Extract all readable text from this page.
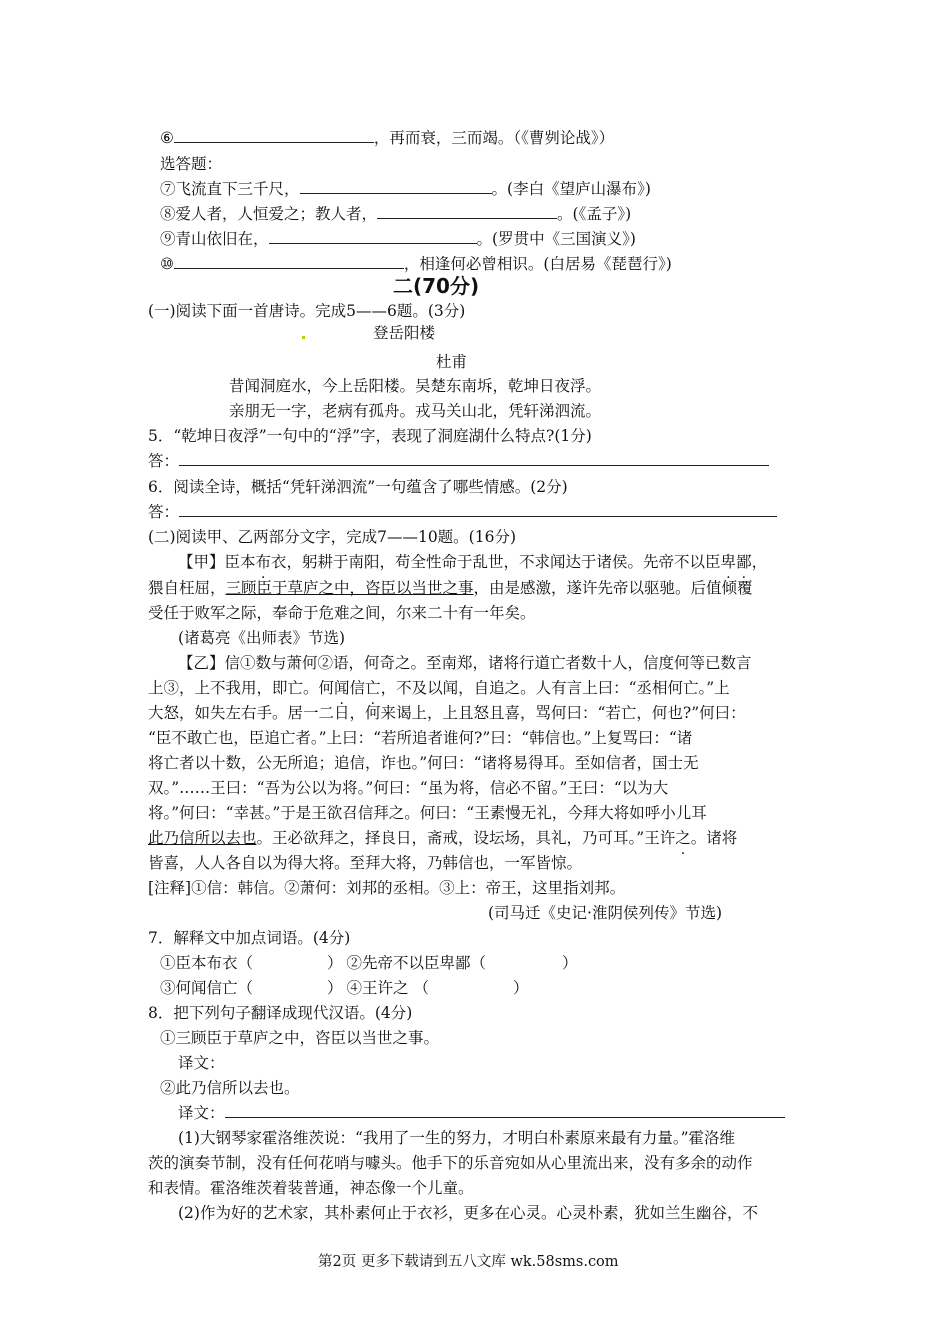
⑥	，再而衰，三而竭。（《曹刿论战》）
选答题：
⑦飞流直下三千尺，	。(李白《望庐山瀑布》)
⑧爱人者，人恒爱之；教人者，	。(《孟子》)
⑨青山依旧在，	。(罗贯中《三国演义》)
⑩	，相逢何必曾相识。(白居易《琵琶行》)
二(70分)
(一)阅读下面一首唐诗。完成5——6题。(3分)
登岳阳楼
杜甫
昔闻洞庭水，今上岳阳楼。吴楚东南坼，乾坤日夜浮。
亲朋无一字，老病有孤舟。戎马关山北，凭轩涕泗流。
5．“乾坤日夜浮”一句中的“浮”字，表现了洞庭湖什么特点?(1分)
答：
6．阅读全诗，概括“凭轩涕泗流”一句蕴含了哪些情感。(2分)
答：
(二)阅读甲、乙两部分文字，完成7——10题。(16分)
【甲】臣本布衣，躬耕于南阳，苟全性命于乱世，不求闻达于诸侯。先帝不以臣卑鄙，
猥自枉屈，三顾臣于草庐之中，咨臣以当世之事，由是感激，遂许先帝以驱驰。后值倾覆
受任于败军之际，奉命于危难之间，尔来二十有一年矣。
(诸葛亮《出师表》节选)
【乙】信①数与萧何②语，何奇之。至南郑，诸将行道亡者数十人，信度何等已数言
上③，上不我用，即亡。何闻信亡，不及以闻，自追之。人有言上曰：“丞相何亡。”上
大怒，如失左右手。居一二日，何来谒上，上且怒且喜，骂何曰：“若亡，何也?”何曰：
“臣不敢亡也，臣追亡者。”上曰：“若所追者谁何?”曰：“韩信也。”上复骂曰：“诸
将亡者以十数，公无所追；追信，诈也。”何曰：“诸将易得耳。至如信者，国士无
双。”……王曰：“吾为公以为将。”何曰：“虽为将，信必不留。”王曰：“以为大
将。”何曰：“幸甚。”于是王欲召信拜之。何曰：“王素慢无礼，今拜大将如呼小儿耳
此乃信所以去也。王必欲拜之，择良日，斋戒，设坛场，具礼，乃可耳。”王许之。诸将
皆喜，人人各自以为得大将。至拜大将，乃韩信也，一军皆惊。
[注释]①信：韩信。②萧何：刘邦的丞相。③上：帝王，这里指刘邦。
(司马迁《史记·淮阴侯列传》节选)
7．解释文中加点词语。(4分)
①臣本布衣（	） ②先帝不以臣卑鄙（	）
③何闻信亡（	） ④王许之 （	）
8．把下列句子翻译成现代汉语。(4分)
①三顾臣于草庐之中，咨臣以当世之事。
译文：
②此乃信所以去也。
译文：
(1)大钢琴家霍洛维茨说：“我用了一生的努力，才明白朴素原来最有力量。”霍洛维
茨的演奏节制，没有任何花哨与噱头。他手下的乐音宛如从心里流出来，没有多余的动作
和表情。霍洛维茨着装普通，神态像一个儿童。
(2)作为好的艺术家，其朴素何止于衣衫，更多在心灵。心灵朴素，犹如兰生幽谷，不
第2页 更多下载请到五八文库 wk.58sms.com
